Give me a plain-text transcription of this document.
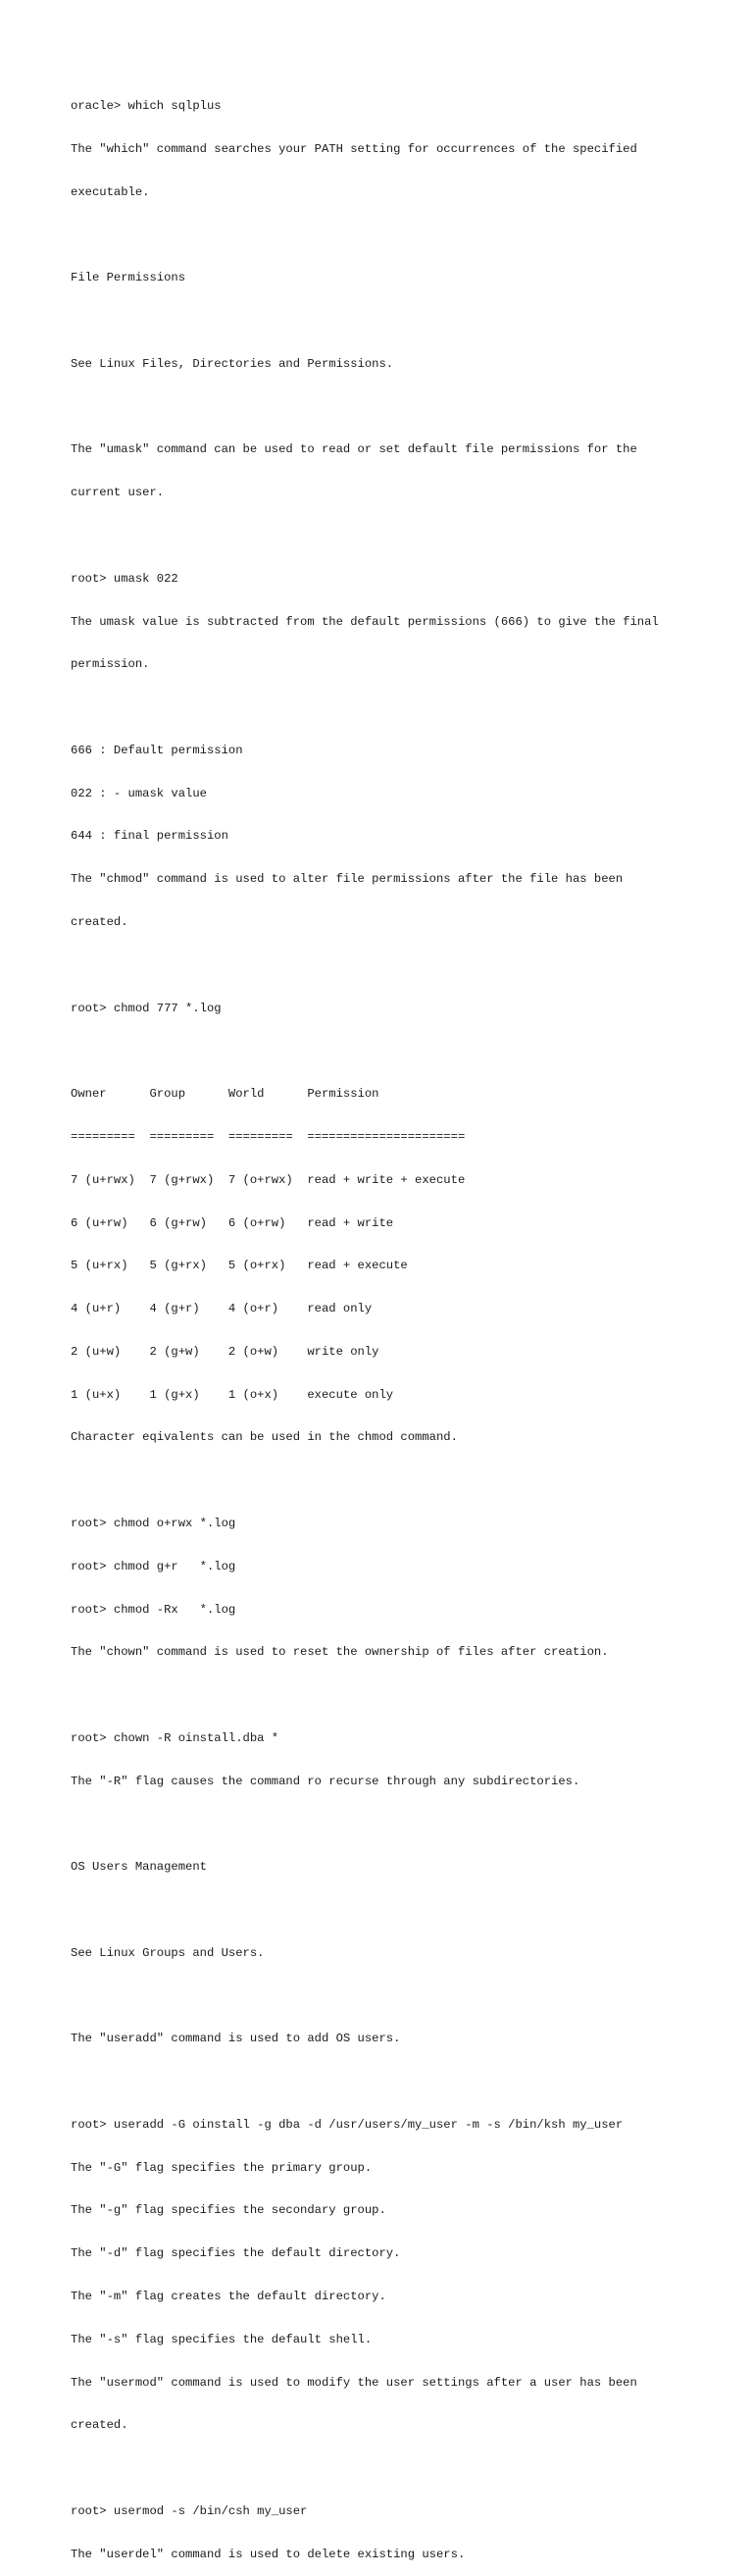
oracle> which sqlplus

The "which" command searches your PATH setting for occurrences of the specified

executable.

File Permissions

See Linux Files, Directories and Permissions.

The "umask" command can be used to read or set default file permissions for the

current user.

root> umask 022

The umask value is subtracted from the default permissions (666) to give the final

permission.

666 : Default permission

022 : - umask value

644 : final permission

The "chmod" command is used to alter file permissions after the file has been

created.

root> chmod 777 *.log

Owner      Group      World      Permission

=========  =========  =========  ======================

7 (u+rwx)  7 (g+rwx)  7 (o+rwx)  read + write + execute

6 (u+rw)   6 (g+rw)   6 (o+rw)   read + write

5 (u+rx)   5 (g+rx)   5 (o+rx)   read + execute

4 (u+r)    4 (g+r)    4 (o+r)    read only

2 (u+w)    2 (g+w)    2 (o+w)    write only

1 (u+x)    1 (g+x)    1 (o+x)    execute only

Character eqivalents can be used in the chmod command.

root> chmod o+rwx *.log

root> chmod g+r   *.log

root> chmod -Rx   *.log

The "chown" command is used to reset the ownership of files after creation.

root> chown -R oinstall.dba *

The "-R" flag causes the command ro recurse through any subdirectories.

OS Users Management

See Linux Groups and Users.

The "useradd" command is used to add OS users.

root> useradd -G oinstall -g dba -d /usr/users/my_user -m -s /bin/ksh my_user

The "-G" flag specifies the primary group.

The "-g" flag specifies the secondary group.

The "-d" flag specifies the default directory.

The "-m" flag creates the default directory.

The "-s" flag specifies the default shell.

The "usermod" command is used to modify the user settings after a user has been

created.

root> usermod -s /bin/csh my_user

The "userdel" command is used to delete existing users.
